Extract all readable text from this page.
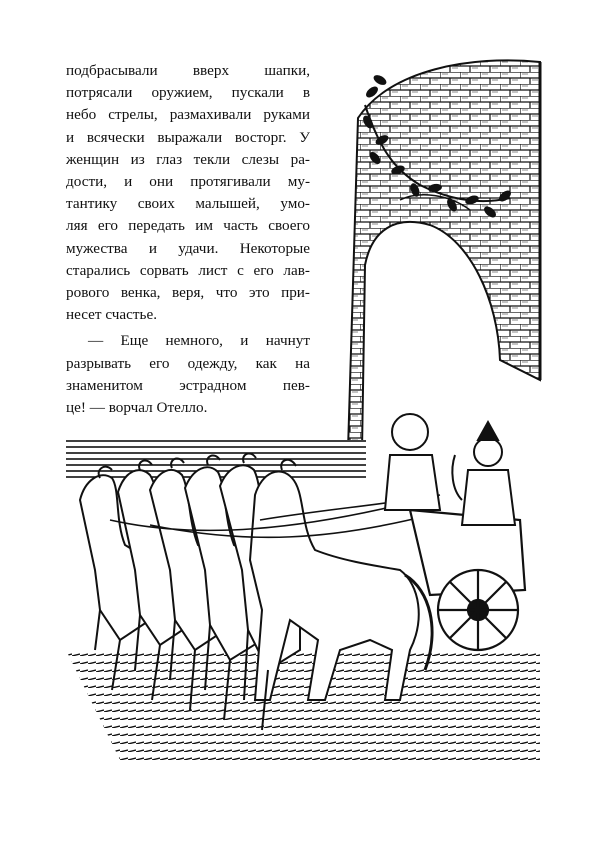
подбрасывали вверх шапки,
потрясали оружием, пускали в
небо стрелы, размахивали руками
и всячески выражали восторг. У
женщин из глаз текли слезы ра-
дости, и они протягивали му-
тантику своих малышей, умо-
ляя его передать им часть своего
мужества и удачи. Некоторые
старались сорвать лист с его лав-
рового венка, веря, что это при-
несет счастье.
— Еще немного, и начнут
разрывать его одежду, как на
знаменитом эстрадном пев-
це! — ворчал Отелло.
